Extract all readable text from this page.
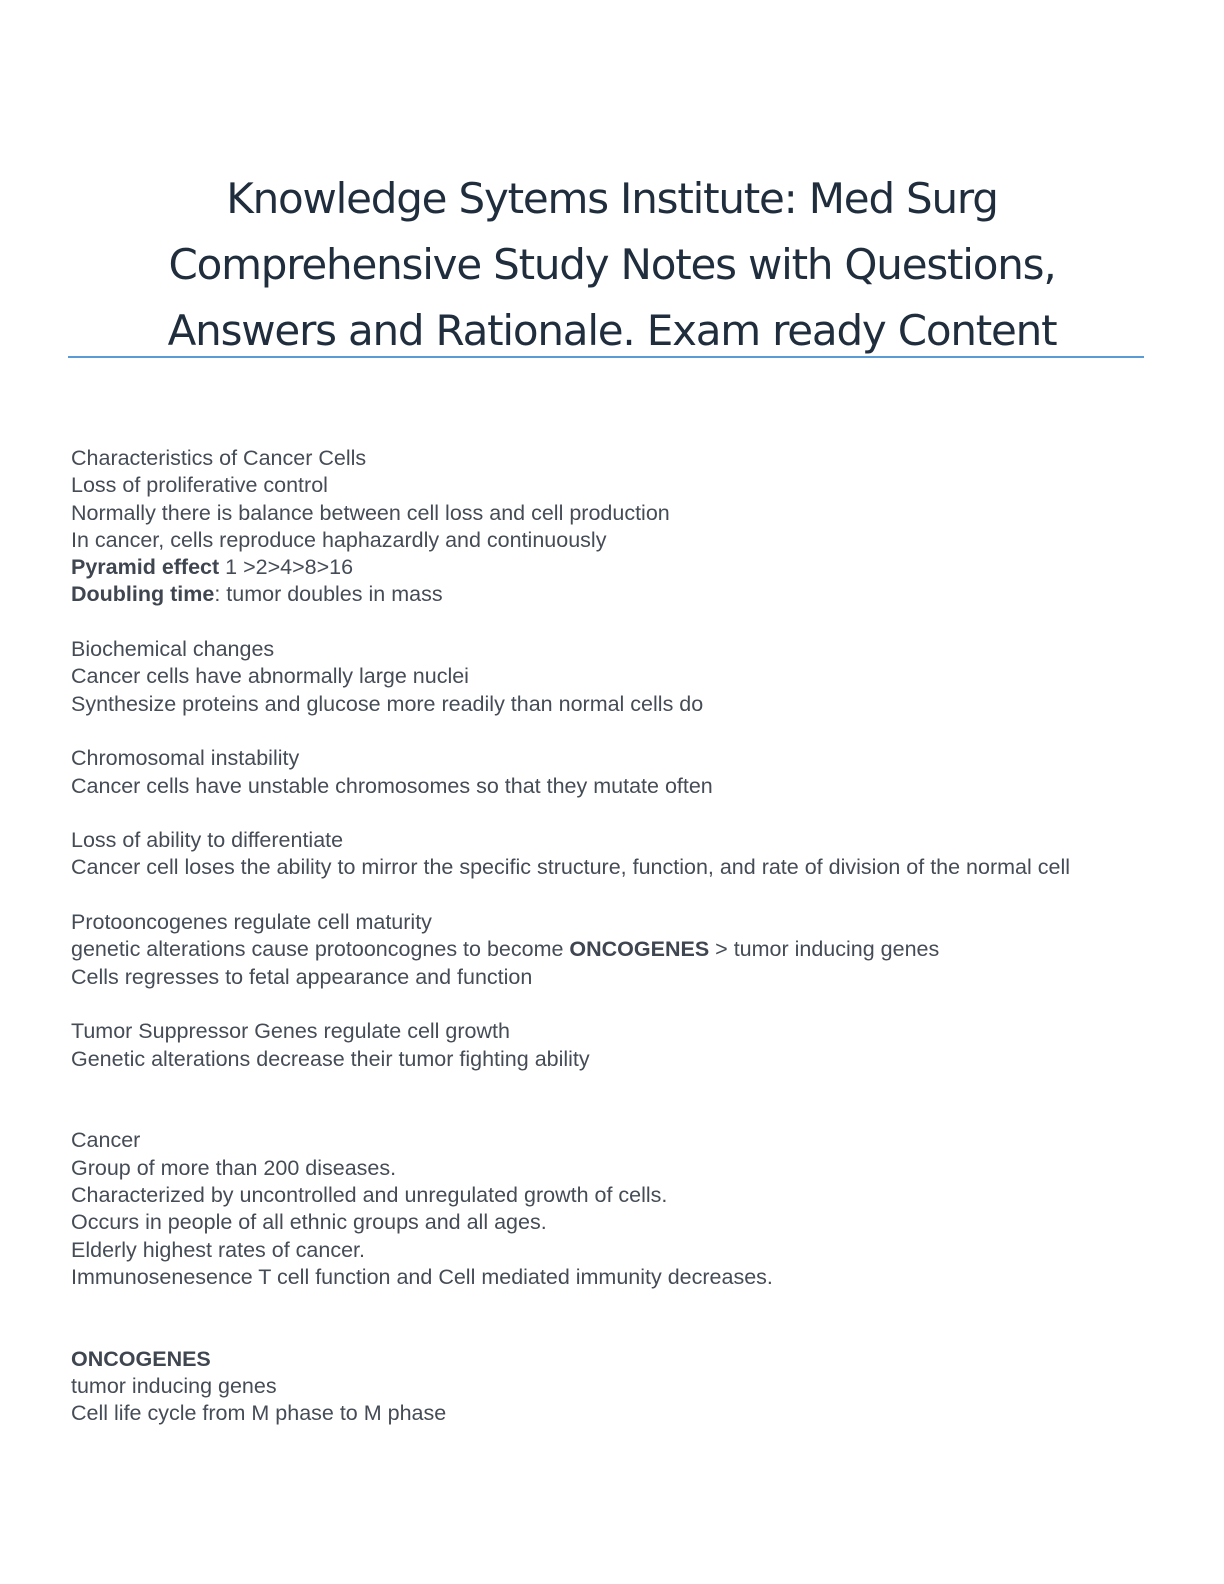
Knowledge Sytems Institute: Med Surg
Comprehensive Study Notes with Questions,
Answers and Rationale. Exam ready Content

Characteristics of Cancer Cells

Loss of proliferative control

Normally there is balance between cell loss and cell production

In cancer, cells reproduce haphazardly and continuously

Pyramid effect 1 >2>4>8>16

Doubling time: tumor doubles in mass

Biochemical changes

Cancer cells have abnormally large nuclei

Synthesize proteins and glucose more readily than normal cells do

Chromosomal instability

Cancer cells have unstable chromosomes so that they mutate often

Loss of ability to differentiate

Cancer cell loses the ability to mirror the specific structure, function, and rate of division of the normal cell

Protooncogenes regulate cell maturity

genetic alterations cause protooncognes to become ONCOGENES > tumor inducing genes

Cells regresses to fetal appearance and function

Tumor Suppressor Genes regulate cell growth

Genetic alterations decrease their tumor fighting ability

Cancer

Group of more than 200 diseases.

Characterized by uncontrolled and unregulated growth of cells.

Occurs in people of all ethnic groups and all ages.

Elderly highest rates of cancer.

Immunosenesence T cell function and Cell mediated immunity decreases.

ONCOGENES

tumor inducing genes

Cell life cycle from M phase to M phase
